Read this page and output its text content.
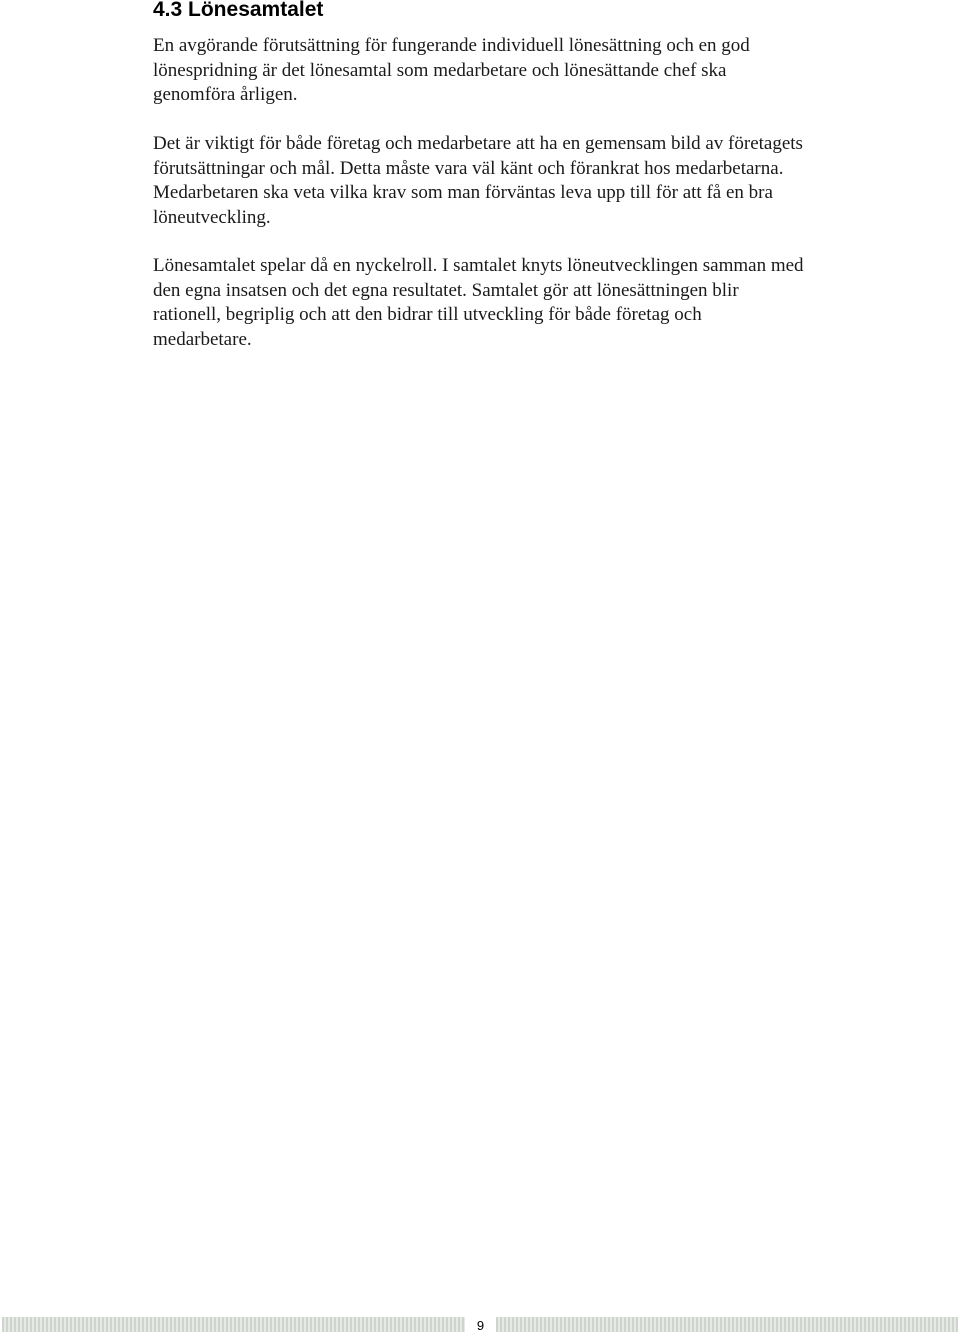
4.3 Lönesamtalet

En avgörande förutsättning för fungerande individuell lönesättning och en god
lönespridning är det lönesamtal som medarbetare och lönesättande chef ska
genomföra årligen.

Det är viktigt för både företag och medarbetare att ha en gemensam bild av företagets
förutsättningar och mål. Detta måste vara väl känt och förankrat hos medarbetarna.
Medarbetaren ska veta vilka krav som man förväntas leva upp till för att få en bra
löneutveckling.

Lönesamtalet spelar då en nyckelroll. I samtalet knyts löneutvecklingen samman med
den egna insatsen och det egna resultatet. Samtalet gör att lönesättningen blir
rationell, begriplig och att den bidrar till utveckling för både företag och
medarbetare.

9
